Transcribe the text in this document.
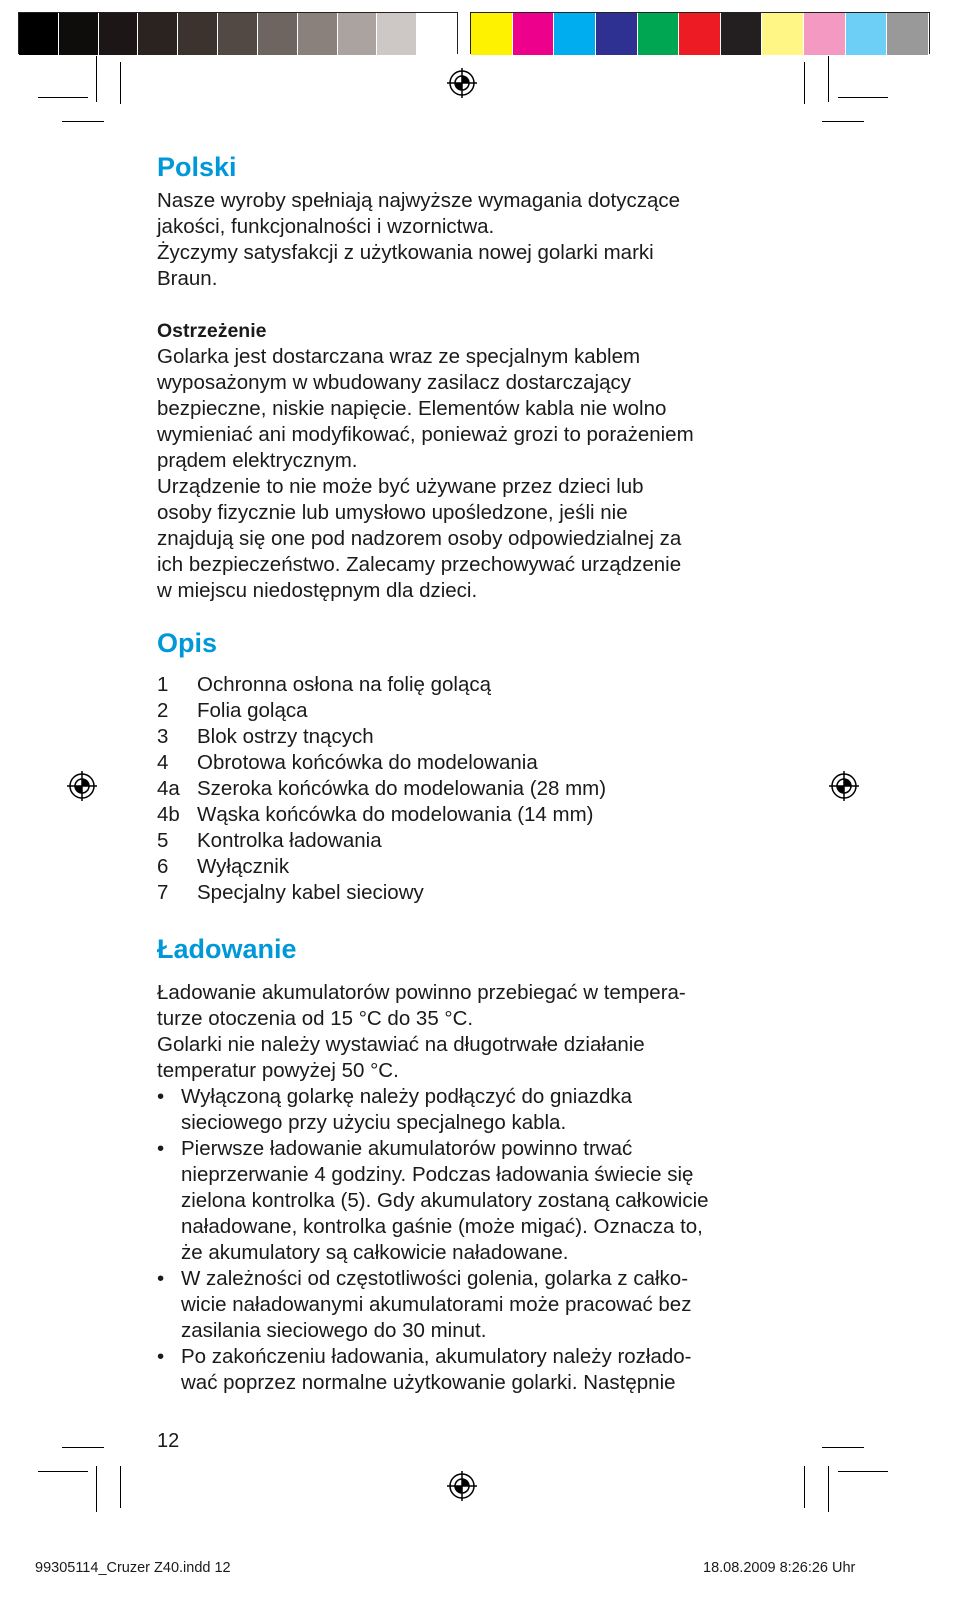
Polski

Nasze wyroby spełniają najwyższe wymagania dotyczące

jakości, funkcjonalności i wzornictwa.

Życzymy satysfakcji z użytkowania nowej golarki marki

Braun.

Ostrzeżenie

Golarka jest dostarczana wraz ze specjalnym kablem

wyposażonym w wbudowany zasilacz dostarczający

bezpieczne, niskie napięcie. Elementów kabla nie wolno

wymieniać ani modyfikować, ponieważ grozi to porażeniem

prądem elektrycznym.

Urządzenie to nie może być używane przez dzieci lub

osoby fizycznie lub umysłowo upośledzone, jeśli nie

znajdują się one pod nadzorem osoby odpowiedzialnej za

ich bezpieczeństwo. Zalecamy przechowywać urządzenie

w miejscu niedostępnym dla dzieci.

Opis
1	Ochronna osłona na folię golącą
2	Folia goląca
3	Blok ostrzy tnących
4	Obrotowa końcówka do modelowania
4a Szeroka końcówka do modelowania (28 mm)
4b Wąska końcówka do modelowania (14 mm)
5	Kontrolka ładowania
6	Wyłącznik
7	Specjalny kabel sieciowy
Ładowanie

Ładowanie akumulatorów powinno przebiegać w tempera-

turze otoczenia od 15 °C do 35 °C.

Golarki nie należy wystawiać na długotrwałe działanie

temperatur powyżej 50 °C.

• Wyłączoną golarkę należy podłączyć do gniazdka

sieciowego przy użyciu specjalnego kabla.

• Pierwsze ładowanie akumulatorów powinno trwać

nieprzerwanie 4 godziny. Podczas ładowania świecie się

zielona kontrolka (5). Gdy akumulatory zostaną całkowicie

naładowane, kontrolka gaśnie (może migać). Oznacza to,

że akumulatory są całkowicie naładowane.

• W zależności od częstotliwości golenia, golarka z całko-

wicie naładowanymi akumulatorami może pracować bez

zasilania sieciowego do 30 minut.

• Po zakończeniu ładowania, akumulatory należy rozłado-

wać poprzez normalne użytkowanie golarki. Następnie

12
99305114_Cruzer Z40.indd 12	18.08.2009 8:26:26 Uhr
